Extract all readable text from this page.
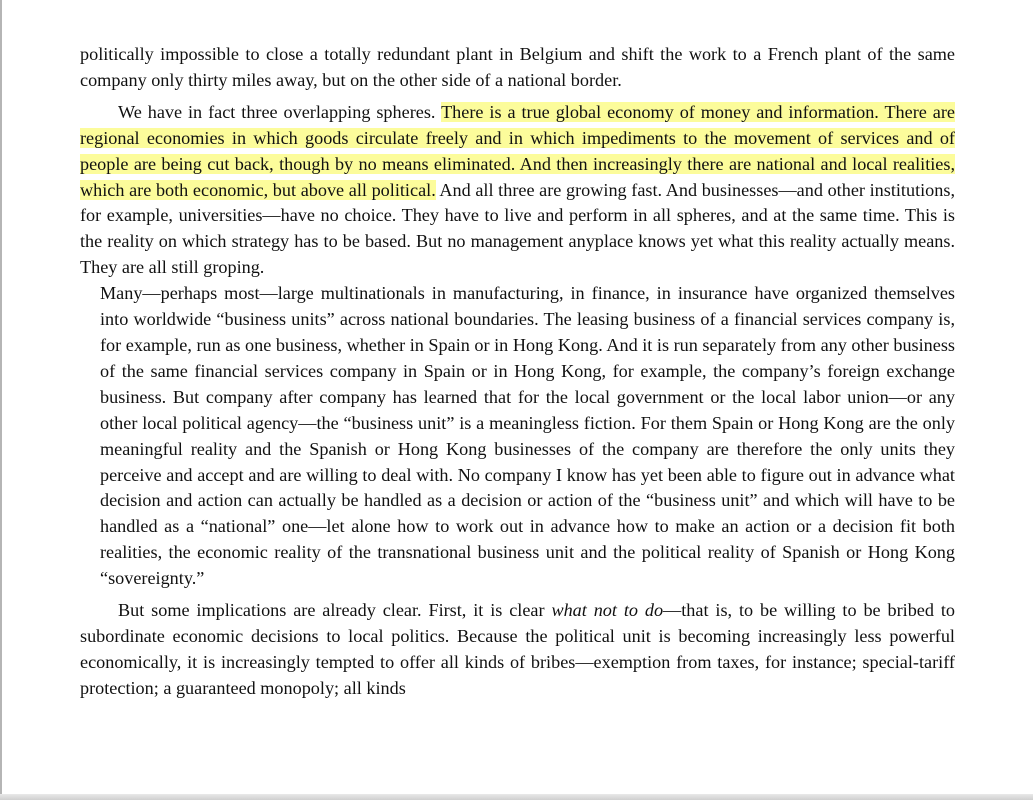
politically impossible to close a totally redundant plant in Belgium and shift the work to a French plant of the same company only thirty miles away, but on the other side of a national border.

We have in fact three overlapping spheres. There is a true global economy of money and information. There are regional economies in which goods circulate freely and in which impediments to the movement of services and of people are being cut back, though by no means eliminated. And then increasingly there are national and local realities, which are both economic, but above all political. And all three are growing fast. And businesses—and other institutions, for example, universities—have no choice. They have to live and perform in all spheres, and at the same time. This is the reality on which strategy has to be based. But no management anyplace knows yet what this reality actually means. They are all still groping.

Many—perhaps most—large multinationals in manufacturing, in finance, in insurance have organized themselves into worldwide “business units” across national boundaries. The leasing business of a financial services company is, for example, run as one business, whether in Spain or in Hong Kong. And it is run separately from any other business of the same financial services company in Spain or in Hong Kong, for example, the company’s foreign exchange business. But company after company has learned that for the local government or the local labor union—or any other local political agency—the “business unit” is a meaningless fiction. For them Spain or Hong Kong are the only meaningful reality and the Spanish or Hong Kong businesses of the company are therefore the only units they perceive and accept and are willing to deal with. No company I know has yet been able to figure out in advance what decision and action can actually be handled as a decision or action of the “business unit” and which will have to be handled as a “national” one—let alone how to work out in advance how to make an action or a decision fit both realities, the economic reality of the transnational business unit and the political reality of Spanish or Hong Kong “sovereignty.”

But some implications are already clear. First, it is clear what not to do—that is, to be willing to be bribed to subordinate economic decisions to local politics. Because the political unit is becoming increasingly less powerful economically, it is increasingly tempted to offer all kinds of bribes—exemption from taxes, for instance; special-tariff protection; a guaranteed monopoly; all kinds
